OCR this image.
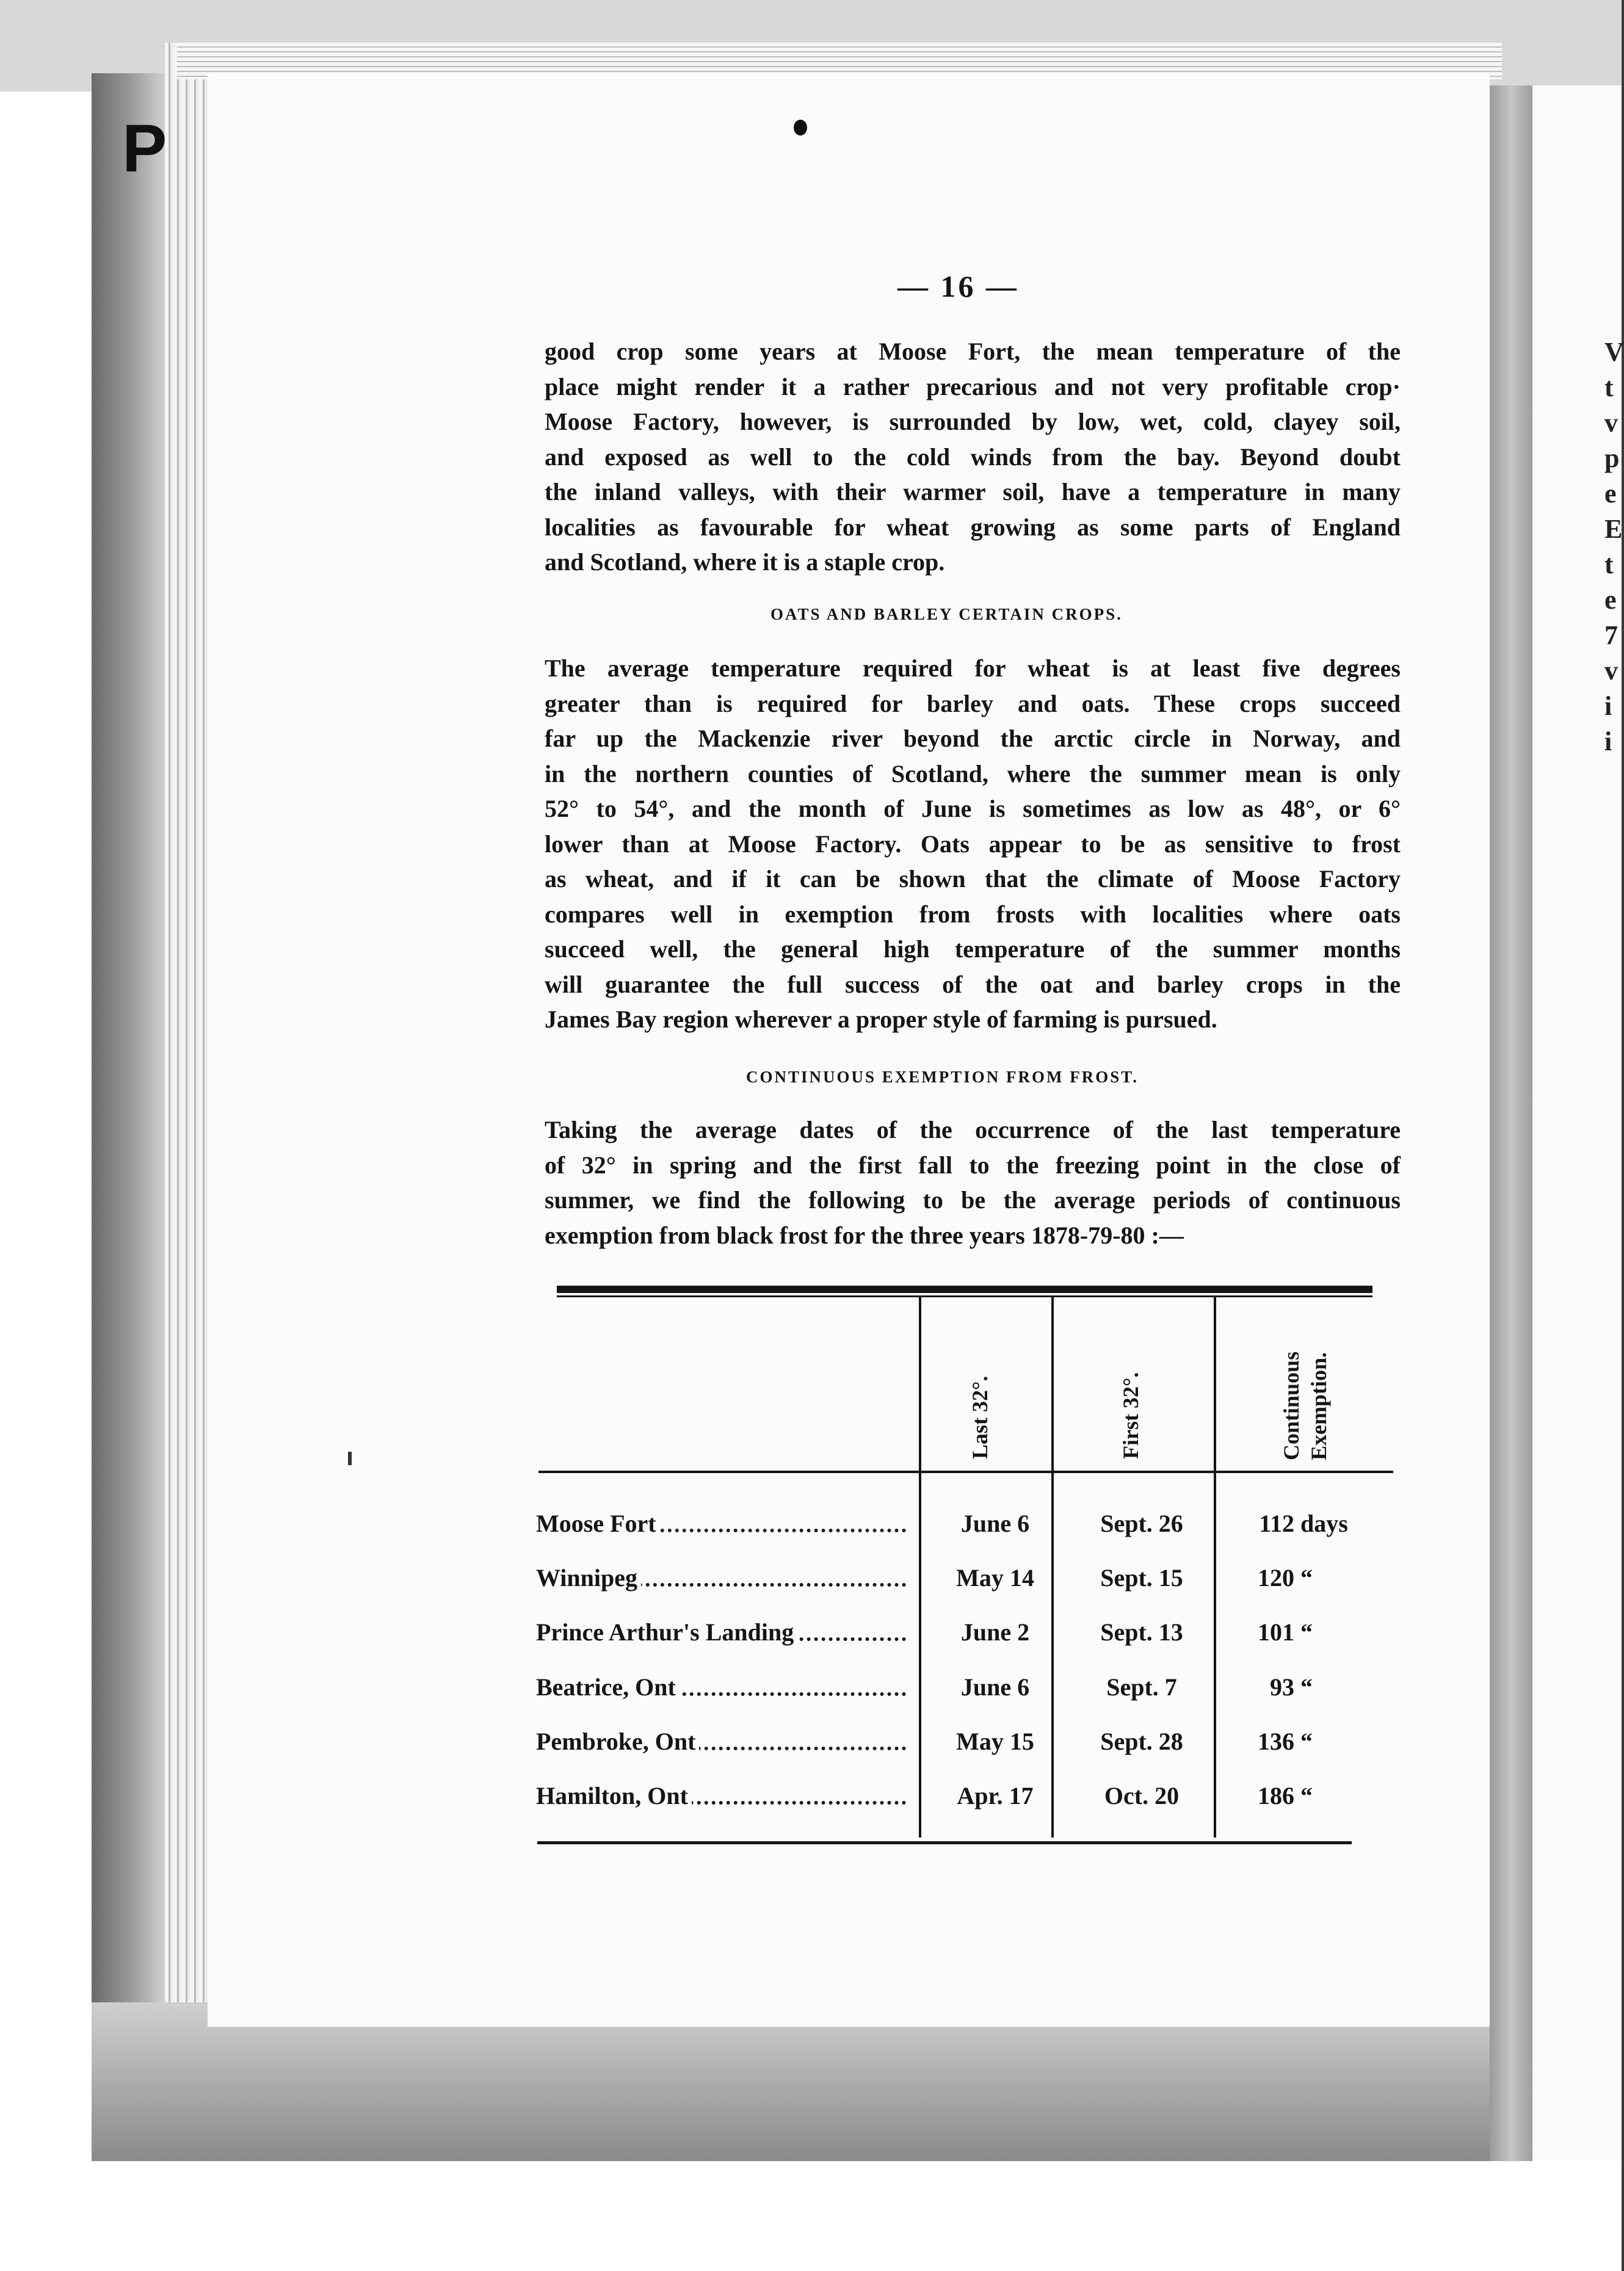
V
t
v
p
e
E
t
e
7
v
i
i
P
— 16 —
good crop some years at Moose Fort, the mean temperature of the
place might render it a rather precarious and not very profitable crop·
Moose Factory, however, is surrounded by low, wet, cold, clayey soil,
and exposed as well to the cold winds from the bay. Beyond doubt
the inland valleys, with their warmer soil, have a temperature in many
localities as favourable for wheat growing as some parts of England
and Scotland, where it is a staple crop.
OATS AND BARLEY CERTAIN CROPS.
The average temperature required for wheat is at least five degrees
greater than is required for barley and oats. These crops succeed
far up the Mackenzie river beyond the arctic circle in Norway, and
in the northern counties of Scotland, where the summer mean is only
52° to 54°, and the month of June is sometimes as low as 48°, or 6°
lower than at Moose Factory. Oats appear to be as sensitive to frost
as wheat, and if it can be shown that the climate of Moose Factory
compares well in exemption from frosts with localities where oats
succeed well, the general high temperature of the summer months
will guarantee the full success of the oat and barley crops in the
James Bay region wherever a proper style of farming is pursued.
CONTINUOUS EXEMPTION FROM FROST.
Taking the average dates of the occurrence of the last temperature
of 32° in spring and the first fall to the freezing point in the close of
summer, we find the following to be the average periods of continuous
exemption from black frost for the three years 1878-79-80 :—
Last 32°.	First 32°.	Continuous Exemption.
Moose Fort	June 6	Sept. 26	112 days
Winnipeg	May 14	Sept. 15	120 “
Prince Arthur's Landing	June 2	Sept. 13	101 “
Beatrice, Ont	June 6	Sept. 7	93 “
Pembroke, Ont	May 15	Sept. 28	136 “
Hamilton, Ont	Apr. 17	Oct. 20	186 “
